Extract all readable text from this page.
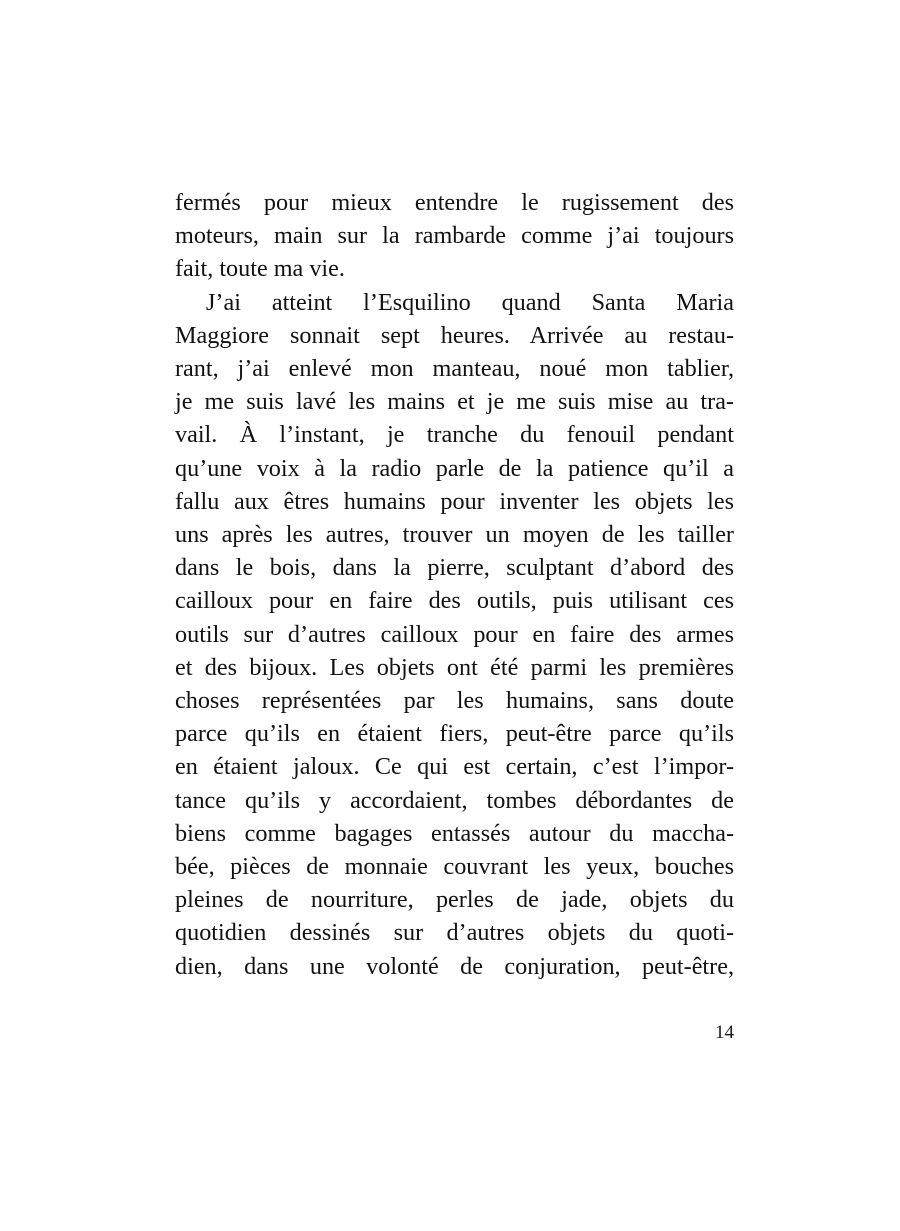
fermés pour mieux entendre le rugissement des
moteurs, main sur la rambarde comme j’ai toujours
fait, toute ma vie.

J’ai atteint l’Esquilino quand Santa Maria
Maggiore sonnait sept heures. Arrivée au restau-
rant, j’ai enlevé mon manteau, noué mon tablier,
je me suis lavé les mains et je me suis mise au tra-
vail. À l’instant, je tranche du fenouil pendant
qu’une voix à la radio parle de la patience qu’il a
fallu aux êtres humains pour inventer les objets les
uns après les autres, trouver un moyen de les tailler
dans le bois, dans la pierre, sculptant d’abord des
cailloux pour en faire des outils, puis utilisant ces
outils sur d’autres cailloux pour en faire des armes
et des bijoux. Les objets ont été parmi les premières
choses représentées par les humains, sans doute
parce qu’ils en étaient fiers, peut-être parce qu’ils
en étaient jaloux. Ce qui est certain, c’est l’impor-
tance qu’ils y accordaient, tombes débordantes de
biens comme bagages entassés autour du maccha-
bée, pièces de monnaie couvrant les yeux, bouches
pleines de nourriture, perles de jade, objets du
quotidien dessinés sur d’autres objets du quoti-
dien, dans une volonté de conjuration, peut-être,

14
